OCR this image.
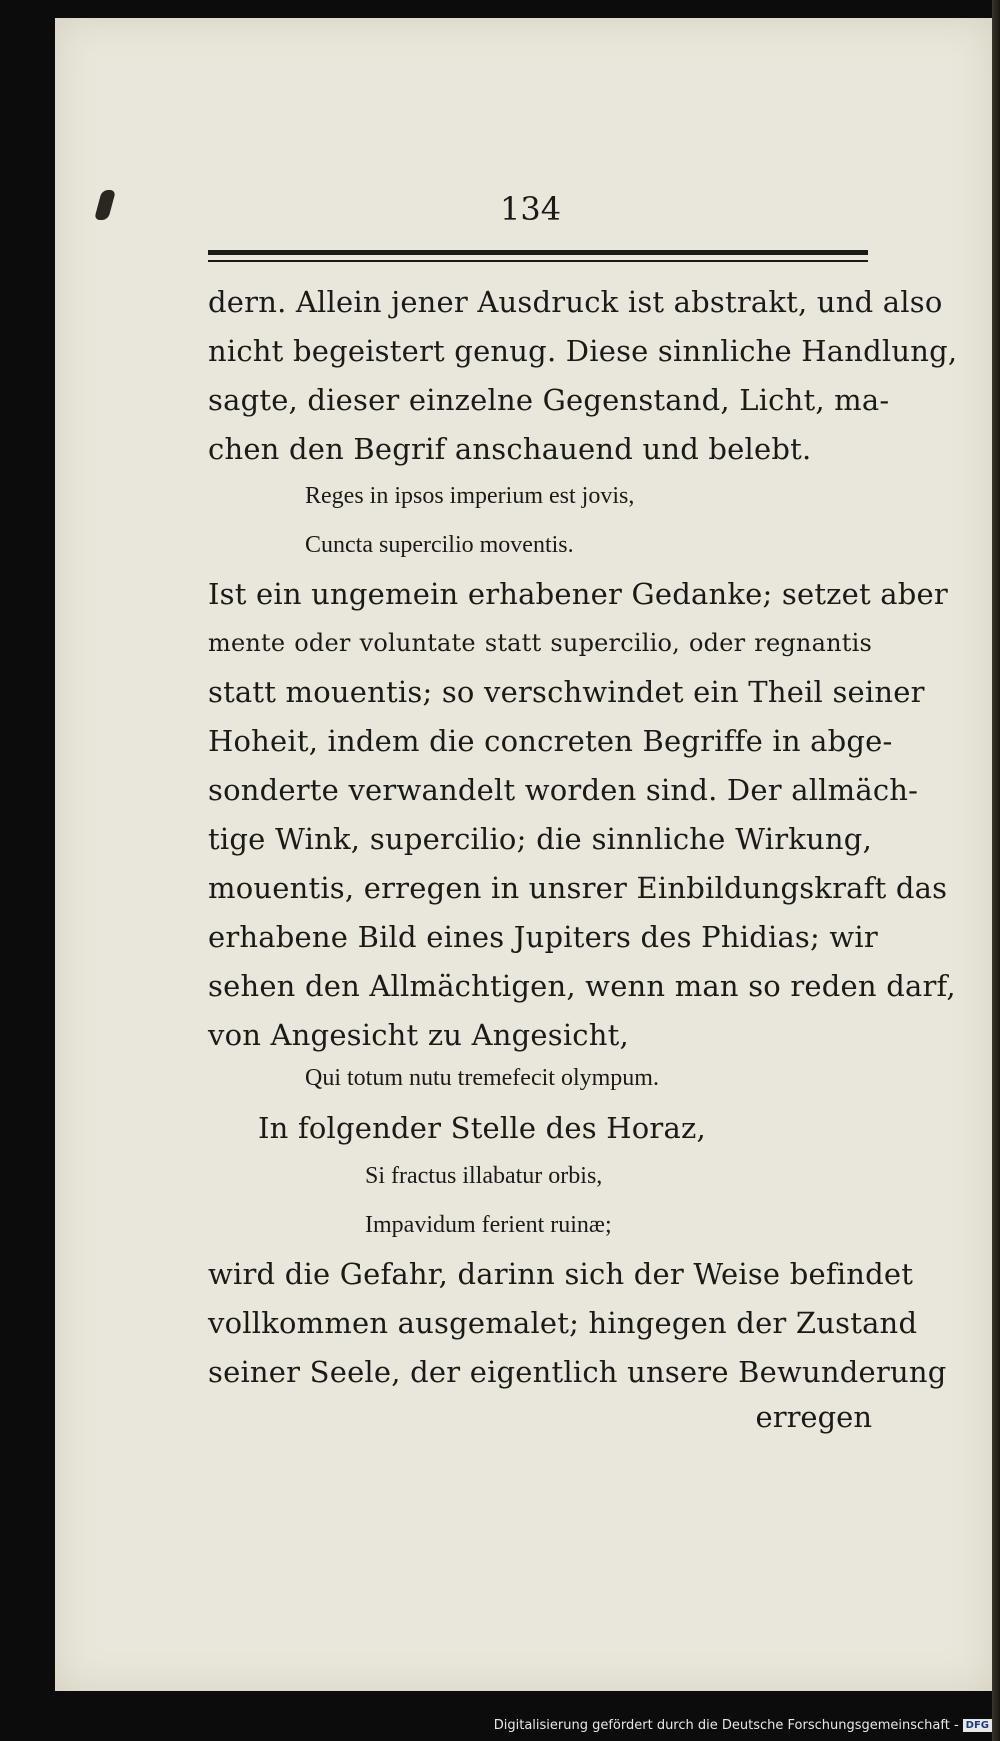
134
dern. Allein jener Ausdruck ist abstrakt, und also
nicht begeistert genug. Diese sinnliche Handlung,
sagte, dieser einzelne Gegenstand, Licht, ma-
chen den Begrif anschauend und belebt.
Reges in ipsos imperium est jovis,
Cuncta supercilio moventis.
Ist ein ungemein erhabener Gedanke; setzet aber
mente oder voluntate statt supercilio, oder regnantis
statt mouentis; so verschwindet ein Theil seiner
Hoheit, indem die concreten Begriffe in abge-
sonderte verwandelt worden sind. Der allmäch-
tige Wink, supercilio; die sinnliche Wirkung,
mouentis, erregen in unsrer Einbildungskraft das
erhabene Bild eines Jupiters des Phidias; wir
sehen den Allmächtigen, wenn man so reden darf,
von Angesicht zu Angesicht,
Qui totum nutu tremefecit olympum.
In folgender Stelle des Horaz,
Si fractus illabatur orbis,
Impavidum ferient ruinæ;
wird die Gefahr, darinn sich der Weise befindet
vollkommen ausgemalet; hingegen der Zustand
seiner Seele, der eigentlich unsere Bewunderung
erregen
Digitalisierung gefördert durch die Deutsche Forschungsgemeinschaft - DFG
